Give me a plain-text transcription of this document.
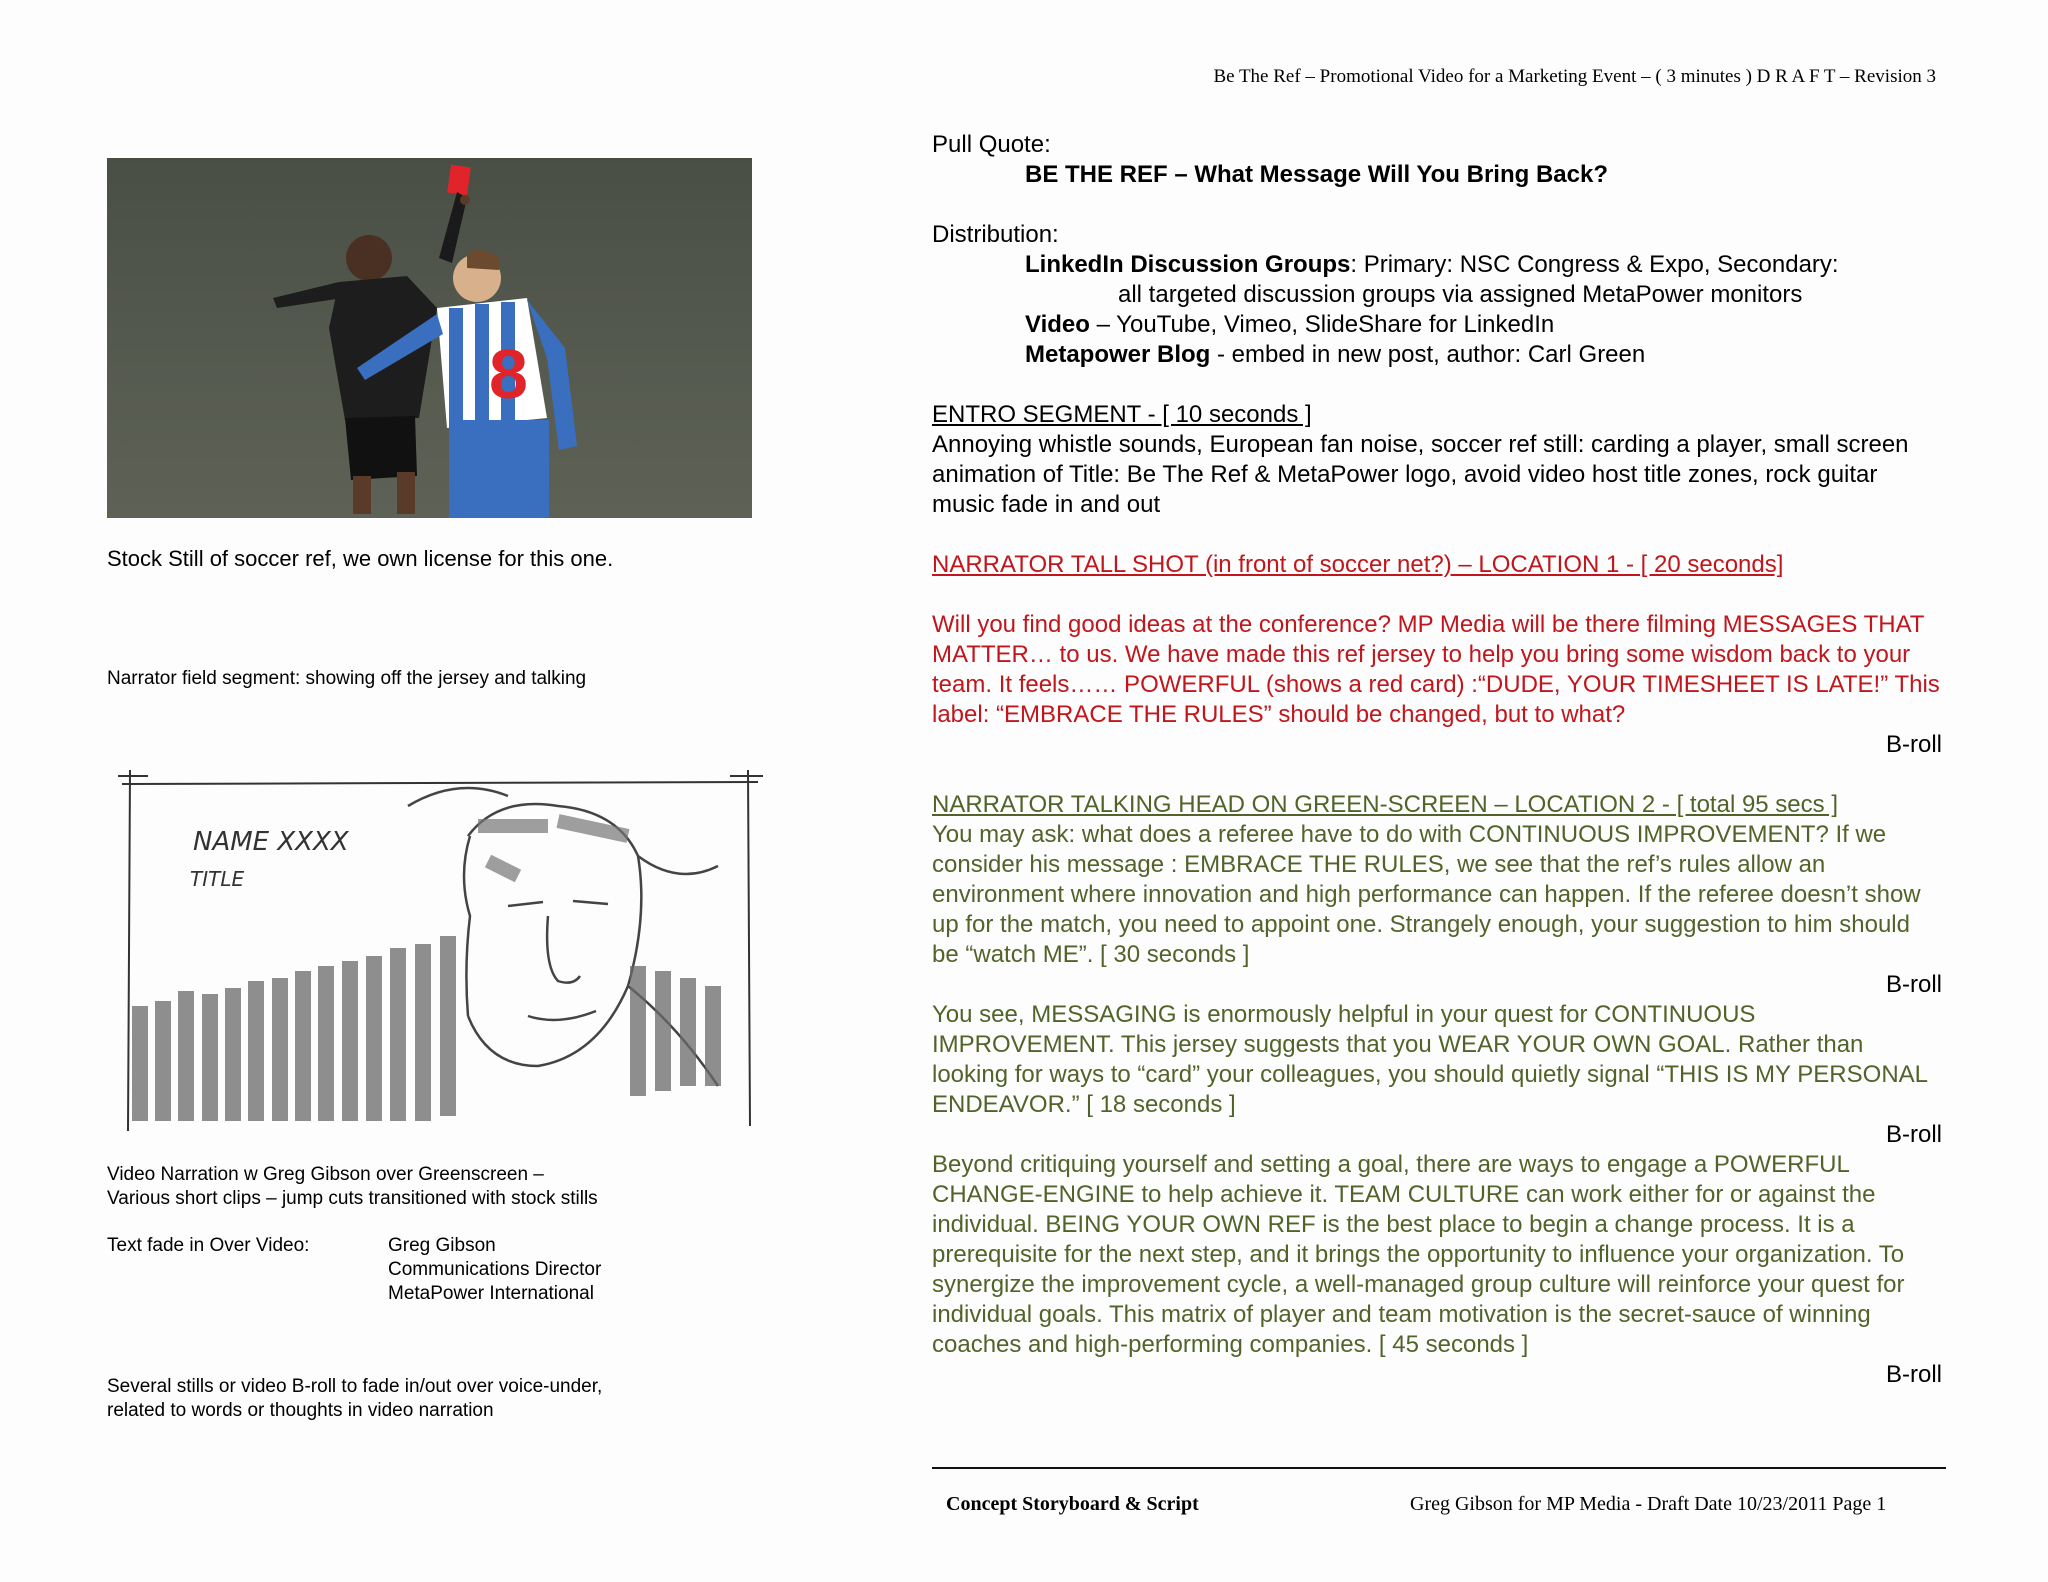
Be The Ref – Promotional Video for a Marketing Event – ( 3 minutes ) D R A F T – Revision 3
8
Stock Still of soccer ref, we own license for this one.
Narrator field segment: showing off the jersey and talking
NAME XXXX
TITLE
Video Narration w Greg Gibson over Greenscreen –
Various short clips – jump cuts transitioned with stock stills
Text fade in Over Video:	Greg Gibson
Communications Director
MetaPower International
Several stills or video B-roll to fade in/out over voice-under,
related to words or thoughts in video narration
Pull Quote:
BE THE REF – What Message Will You Bring Back?
Distribution:
LinkedIn Discussion Groups: Primary: NSC Congress & Expo, Secondary:
all targeted discussion groups via assigned MetaPower monitors
Video – YouTube, Vimeo, SlideShare for LinkedIn
Metapower Blog - embed in new post, author: Carl Green
ENTRO SEGMENT - [ 10 seconds ]

Annoying whistle sounds, European fan noise, soccer ref still: carding a player, small screen animation of Title: Be The Ref & MetaPower logo, avoid video host title zones, rock guitar music fade in and out

NARRATOR TALL SHOT (in front of soccer net?) – LOCATION 1 - [ 20 seconds]

Will you find good ideas at the conference? MP Media will be there filming MESSAGES THAT MATTER… to us. We have made this ref jersey to help you bring some wisdom back to your team. It feels…… POWERFUL (shows a red card) :“DUDE, YOUR TIMESHEET IS LATE!” This label: “EMBRACE THE RULES” should be changed, but to what?

B-roll
NARRATOR TALKING HEAD ON GREEN-SCREEN – LOCATION 2 - [ total 95 secs ]

You may ask: what does a referee have to do with CONTINUOUS IMPROVEMENT? If we consider his message : EMBRACE THE RULES, we see that the ref’s rules allow an environment where innovation and high performance can happen. If the referee doesn’t show up for the match, you need to appoint one. Strangely enough, your suggestion to him should be “watch ME”. [ 30 seconds ]

B-roll

You see, MESSAGING is enormously helpful in your quest for CONTINUOUS IMPROVEMENT. This jersey suggests that you WEAR YOUR OWN GOAL. Rather than looking for ways to “card” your colleagues, you should quietly signal “THIS IS MY PERSONAL ENDEAVOR.” [ 18 seconds ]

B-roll

Beyond critiquing yourself and setting a goal, there are ways to engage a POWERFUL CHANGE-ENGINE to help achieve it. TEAM CULTURE can work either for or against the individual. BEING YOUR OWN REF is the best place to begin a change process. It is a prerequisite for the next step, and it brings the opportunity to influence your organization. To synergize the improvement cycle, a well-managed group culture will reinforce your quest for individual goals. This matrix of player and team motivation is the secret-sauce of winning coaches and high-performing companies. [ 45 seconds ]

B-roll
Concept Storyboard & Script	Greg Gibson for MP Media - Draft Date 10/23/2011 Page 1
